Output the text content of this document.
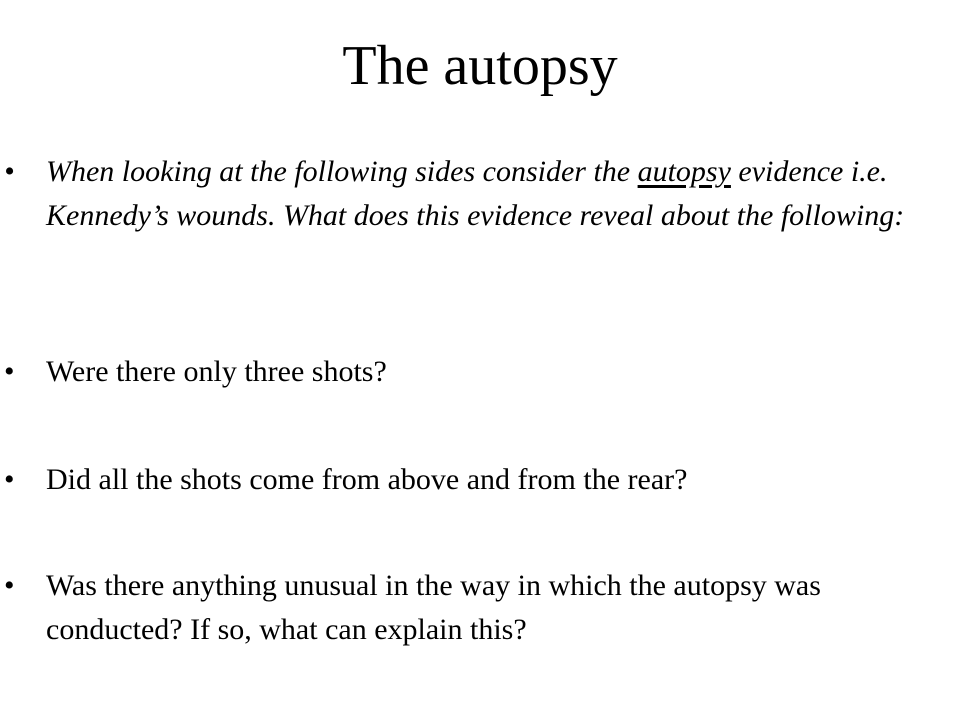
The autopsy
•	When looking at the following sides consider the autopsy evidence i.e. Kennedy’s wounds. What does this evidence reveal about the following:
•	Were there only three shots?
•	Did all the shots come from above and from the rear?
•	Was there anything unusual in the way in which the autopsy was conducted? If so, what can explain this?
